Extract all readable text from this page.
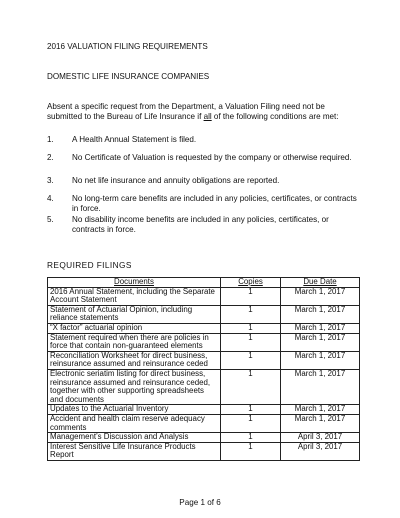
2016 VALUATION FILING REQUIREMENTS
DOMESTIC LIFE INSURANCE COMPANIES
Absent a specific request from the Department, a Valuation Filing need not be submitted to the Bureau of Life Insurance if all of the following conditions are met:
1. A Health Annual Statement is filed.
2. No Certificate of Valuation is requested by the company or otherwise required.
3. No net life insurance and annuity obligations are reported.
4. No long-term care benefits are included in any policies, certificates, or contracts in force.
5. No disability income benefits are included in any policies, certificates, or contracts in force.
REQUIRED FILINGS
Documents	Copies	Due Date
2016 Annual Statement, including the Separate Account Statement	1	March 1, 2017
Statement of Actuarial Opinion, including reliance statements	1	March 1, 2017
“X factor” actuarial opinion	1	March 1, 2017
Statement required when there are policies in force that contain non-guaranteed elements	1	March 1, 2017
Reconciliation Worksheet for direct business, reinsurance assumed and reinsurance ceded	1	March 1, 2017
Electronic seriatim listing for direct business, reinsurance assumed and reinsurance ceded, together with other supporting spreadsheets and documents	1	March 1, 2017
Updates to the Actuarial Inventory	1	March 1, 2017
Accident and health claim reserve adequacy comments	1	March 1, 2017
Management’s Discussion and Analysis	1	April 3, 2017
Interest Sensitive Life Insurance Products Report	1	April 3, 2017
Page 1 of 6
